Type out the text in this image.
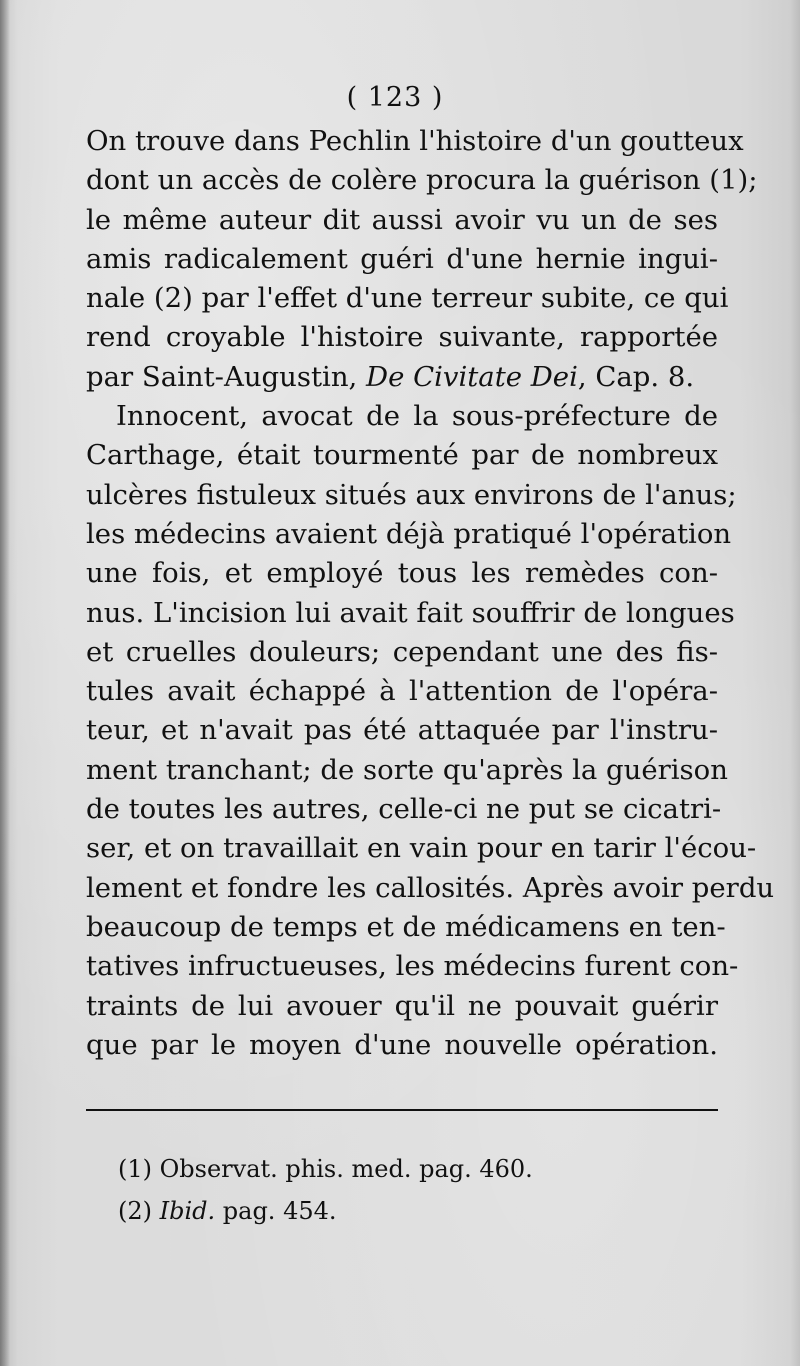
( 123 )
On trouve dans Pechlin l'histoire d'un goutteux
dont un accès de colère procura la guérison (1);
le même auteur dit aussi avoir vu un de ses
amis radicalement guéri d'une hernie ingui-
nale (2) par l'effet d'une terreur subite, ce qui
rend croyable l'histoire suivante, rapportée
par Saint-Augustin, De Civitate Dei, Cap. 8.
Innocent, avocat de la sous-préfecture de
Carthage, était tourmenté par de nombreux
ulcères fistuleux situés aux environs de l'anus;
les médecins avaient déjà pratiqué l'opération
une fois, et employé tous les remèdes con-
nus. L'incision lui avait fait souffrir de longues
et cruelles douleurs; cependant une des fis-
tules avait échappé à l'attention de l'opéra-
teur, et n'avait pas été attaquée par l'instru-
ment tranchant; de sorte qu'après la guérison
de toutes les autres, celle-ci ne put se cicatri-
ser, et on travaillait en vain pour en tarir l'écou-
lement et fondre les callosités. Après avoir perdu
beaucoup de temps et de médicamens en ten-
tatives infructueuses, les médecins furent con-
traints de lui avouer qu'il ne pouvait guérir
que par le moyen d'une nouvelle opération.
(1) Observat. phis. med. pag. 460.
(2) Ibid. pag. 454.
